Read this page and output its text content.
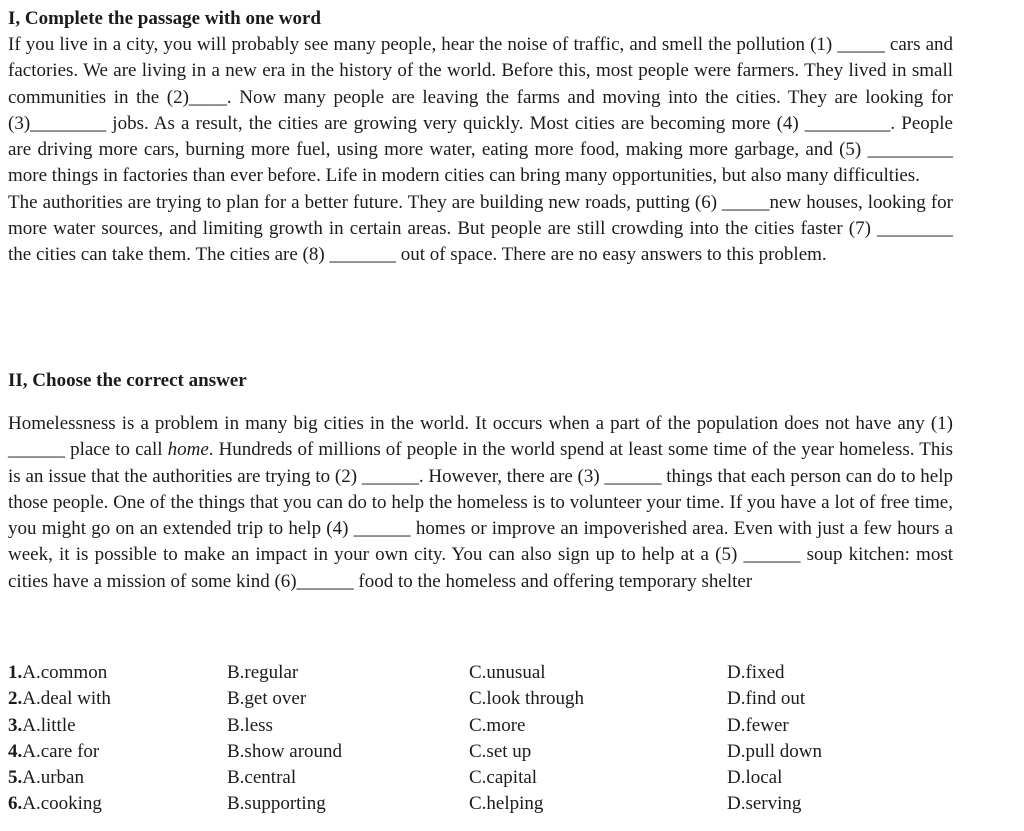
I, Complete the passage with one word

If you live in a city, you will probably see many people, hear the noise of traffic, and smell the pollution (1) _____ cars and factories. We are living in a new era in the history of the world. Before this, most people were farmers. They lived in small communities in the (2)____. Now many people are leaving the farms and moving into the cities. They are looking for (3)________ jobs. As a result, the cities are growing very quickly. Most cities are becoming more (4) _________. People are driving more cars, burning more fuel, using more water, eating more food, making more garbage, and (5) _________ more things in factories than ever before. Life in modern cities can bring many opportunities, but also many difficulties.

The authorities are trying to plan for a better future. They are building new roads, putting (6) _____new houses, looking for more water sources, and limiting growth in certain areas. But people are still crowding into the cities faster (7) ________ the cities can take them. The cities are (8) _______ out of space. There are no easy answers to this problem.

II, Choose the correct answer

Homelessness is a problem in many big cities in the world. It occurs when a part of the population does not have any (1) ______ place to call home. Hundreds of millions of people in the world spend at least some time of the year homeless. This is an issue that the authorities are trying to (2) ______. However, there are (3) ______ things that each person can do to help those people. One of the things that you can do to help the homeless is to volunteer your time. If you have a lot of free time, you might go on an extended trip to help (4) ______ homes or improve an impoverished area. Even with just a few hours a week, it is possible to make an impact in your own city. You can also sign up to help at a (5) ______ soup kitchen: most cities have a mission of some kind (6)______ food to the homeless and offering temporary shelter

1.A.common	B.regular	C.unusual	D.fixed
2.A.deal with	B.get over	C.look through	D.find out
3.A.little	B.less	C.more	D.fewer
4.A.care for	B.show around	C.set up	D.pull down
5.A.urban	B.central	C.capital	D.local
6.A.cooking	B.supporting	C.helping	D.serving
